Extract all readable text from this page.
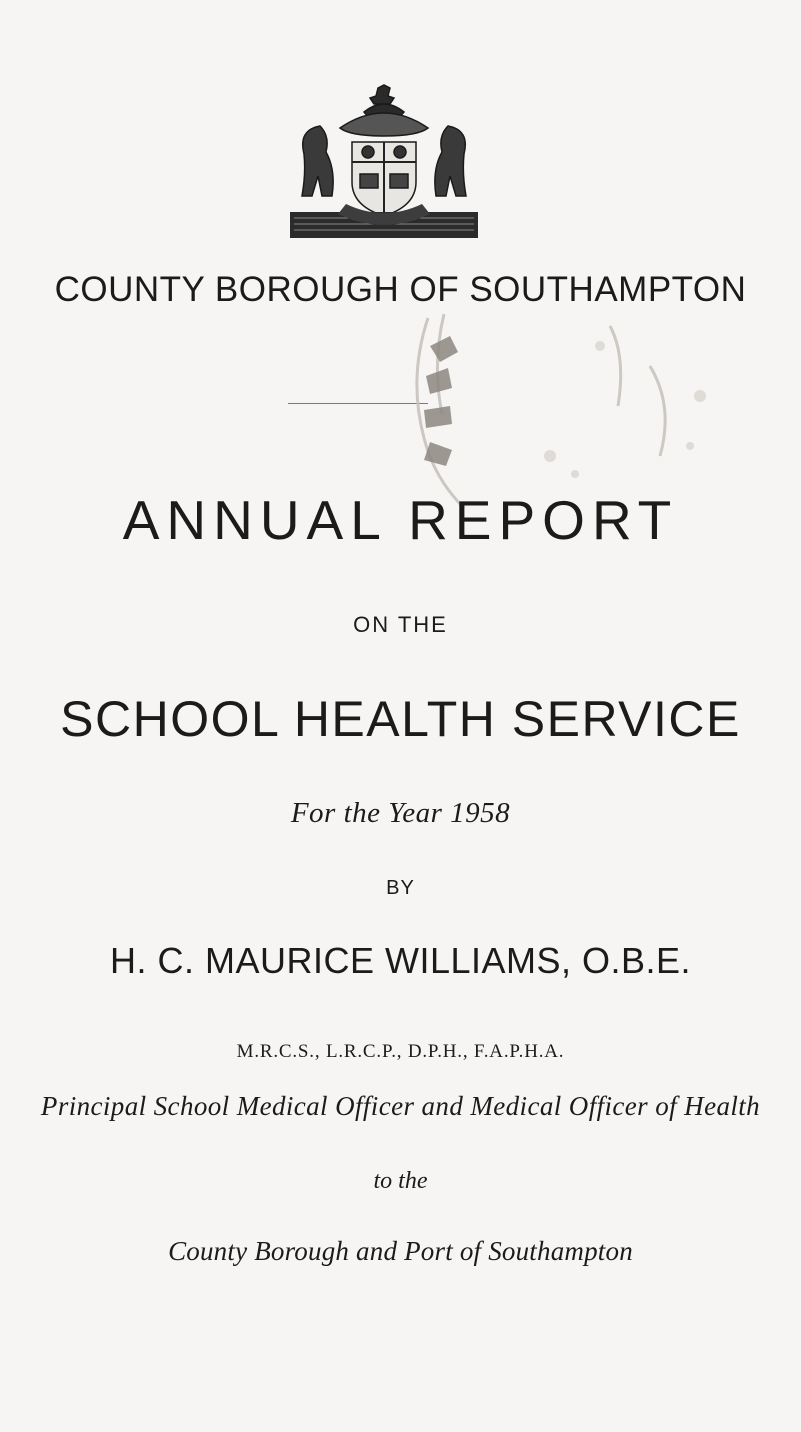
COUNTY BOROUGH OF SOUTHAMPTON
ANNUAL REPORT
ON THE
SCHOOL HEALTH SERVICE
For the Year 1958
BY
H. C. MAURICE WILLIAMS, O.B.E.
M.R.C.S., L.R.C.P., D.P.H., F.A.P.H.A.
Principal School Medical Officer and Medical Officer of Health
to the
County Borough and Port of Southampton
